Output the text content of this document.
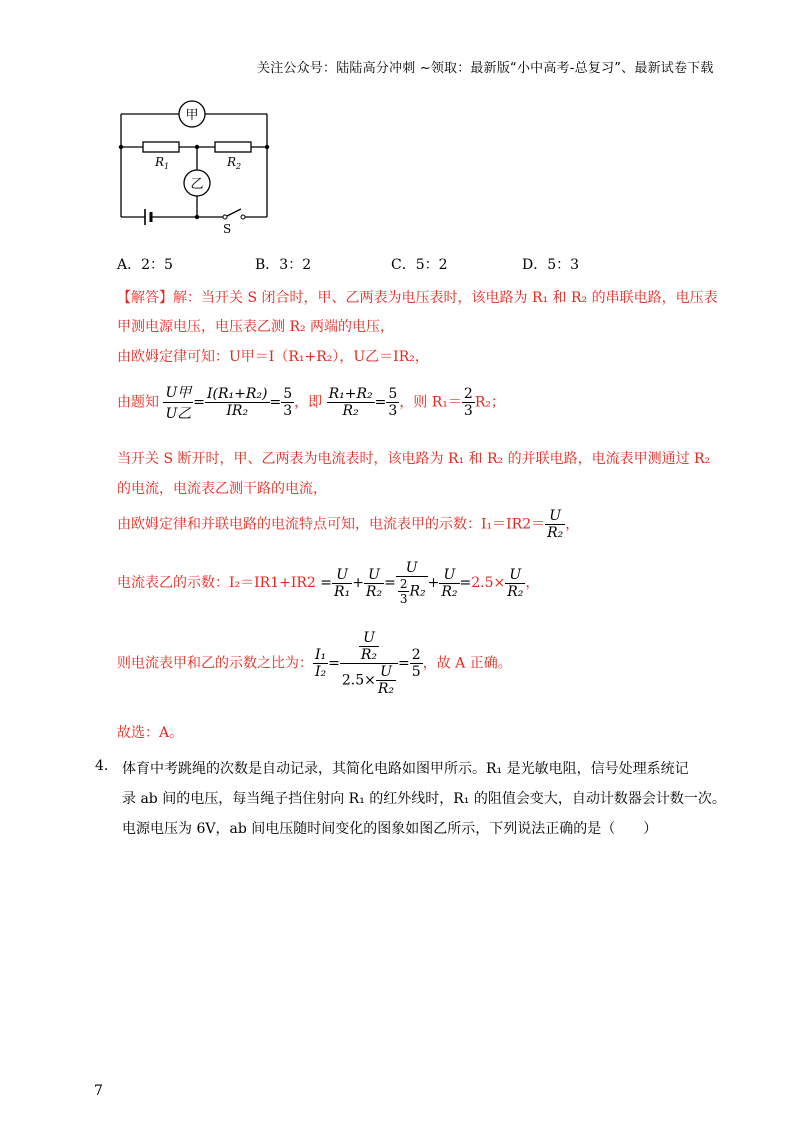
关注公众号：陆陆高分冲刺 ~领取：最新版“小中高考-总复习”、最新试卷下载
甲
乙
$R_1$	$R_2$
S
A．2：5	B．3：2	C．5：2	D．5：3
【解答】解：当开关 S 闭合时，甲、乙两表为电压表时，该电路为 R₁ 和 R₂ 的串联电路，电压表
甲测电源电压，电压表乙测 R₂ 两端的电压，
由欧姆定律可知：U甲＝I（R₁+R₂），U乙＝IR₂，
由题知 $\frac{\text{U甲}}{\text{U乙}} = \frac{\text{I(R₁+R₂)}}{\text{IR₂}} = \frac{5}{3}$ ，即 $\frac{\text{R₁+R₂}}{\text{R₂}} = \frac{5}{3}$ ，则 $R_1= \frac{2}{3} R_2$；
当开关 S 断开时，甲、乙两表为电流表时，该电路为 R₁ 和 R₂ 的并联电路，电流表甲测通过 R₂
的电流，电流表乙测干路的电流，
由欧姆定律和并联电路的电流特点可知，电流表甲的示数：$I_1=IR2= \frac{U}{\text{R₂}}$ ，
电流表乙的示数：$I_2=IR1+IR2 = \frac{U}{\text{R₁}} + \frac{U}{\text{R₂}} = \frac{U}{\frac{2}{3} R_2} + \frac{U}{\text{R₂}} =2.5\times \frac{U}{\text{R₂}}$ ，
则电流表甲和乙的示数之比为： $\frac{\text{I₁}}{\text{I₂}} = \frac{\frac{U}{\text{R₂}}}{2.5\times \frac{U}{\text{R₂}}} = \frac{2}{5}$ ，故 A 正确。
故选：A。
4. 体育中考跳绳的次数是自动记录，其简化电路如图甲所示。R₁ 是光敏电阻，信号处理系统记
录 ab 间的电压，每当绳子挡住射向 R₁ 的红外线时，R₁ 的阻值会变大，自动计数器会计数一次。
电源电压为 6V，ab 间电压随时间变化的图象如图乙所示，下列说法正确的是（　　）
7
